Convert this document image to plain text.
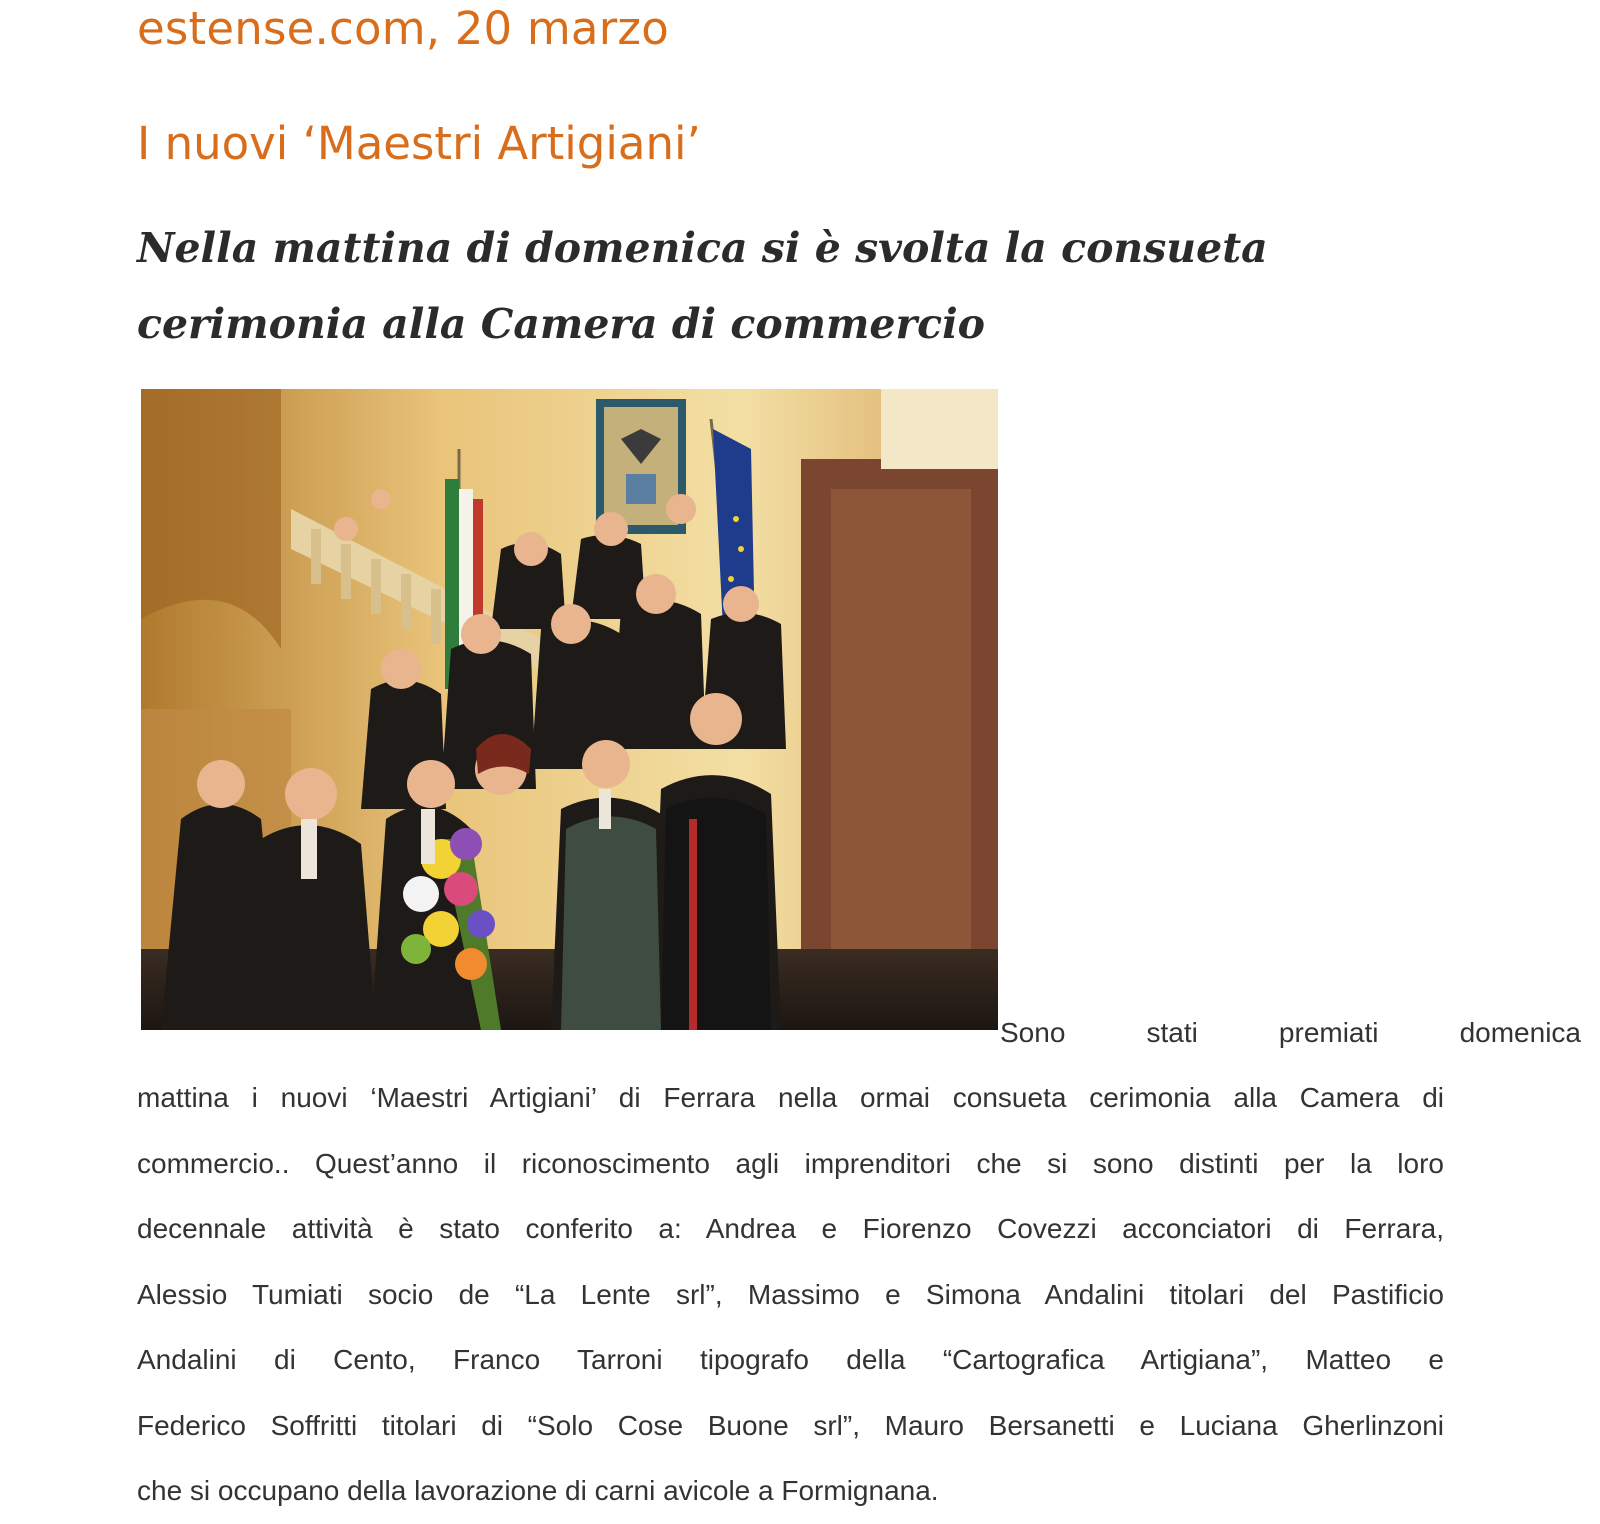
estense.com, 20 marzo
I nuovi ‘Maestri Artigiani’
Nella mattina di domenica si è svolta la consueta cerimonia alla Camera di commercio

Sono stati premiati domenica

mattina i nuovi ‘Maestri Artigiani’ di Ferrara nella ormai consueta cerimonia alla Camera di
commercio.. Quest’anno il riconoscimento agli imprenditori che si sono distinti per la loro
decennale attività è stato conferito a: Andrea e Fiorenzo Covezzi acconciatori di Ferrara,
Alessio Tumiati socio de “La Lente srl”, Massimo e Simona Andalini titolari del Pastificio
Andalini di Cento, Franco Tarroni tipografo della “Cartografica Artigiana”, Matteo e
Federico Soffritti titolari di “Solo Cose Buone srl”, Mauro Bersanetti e Luciana Gherlinzoni
che si occupano della lavorazione di carni avicole a Formignana.
